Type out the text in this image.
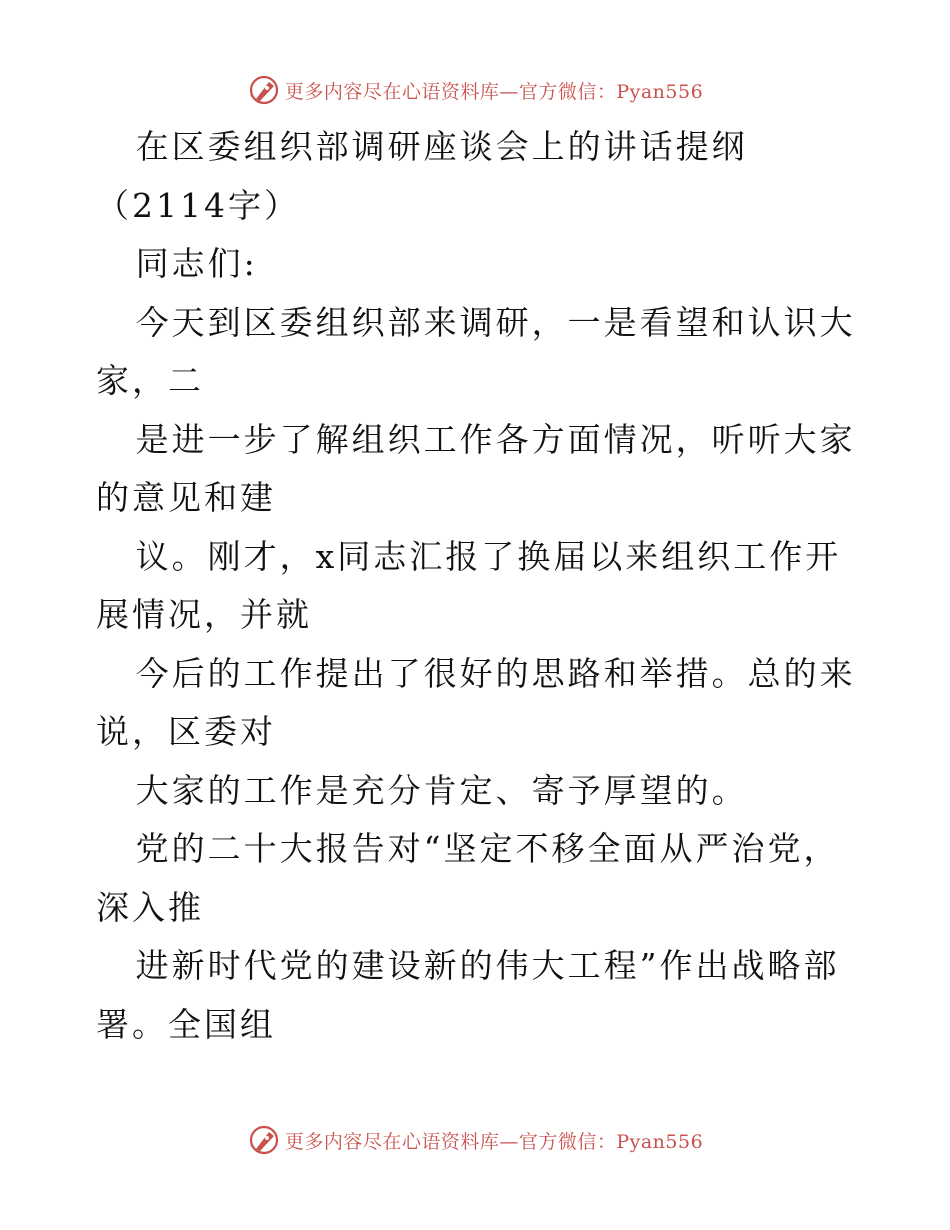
更多内容尽在心语资料库—官方微信：Pyan556

在区委组织部调研座谈会上的讲话提纲（2114字）

同志们:

今天到区委组织部来调研，一是看望和认识大家，二

是进一步了解组织工作各方面情况，听听大家的意见和建

议。刚才，x同志汇报了换届以来组织工作开展情况，并就

今后的工作提出了很好的思路和举措。总的来说，区委对

大家的工作是充分肯定、寄予厚望的。

党的二十大报告对“坚定不移全面从严治党，深入推

进新时代党的建设新的伟大工程”作出战略部署。全国组

更多内容尽在心语资料库—官方微信：Pyan556
